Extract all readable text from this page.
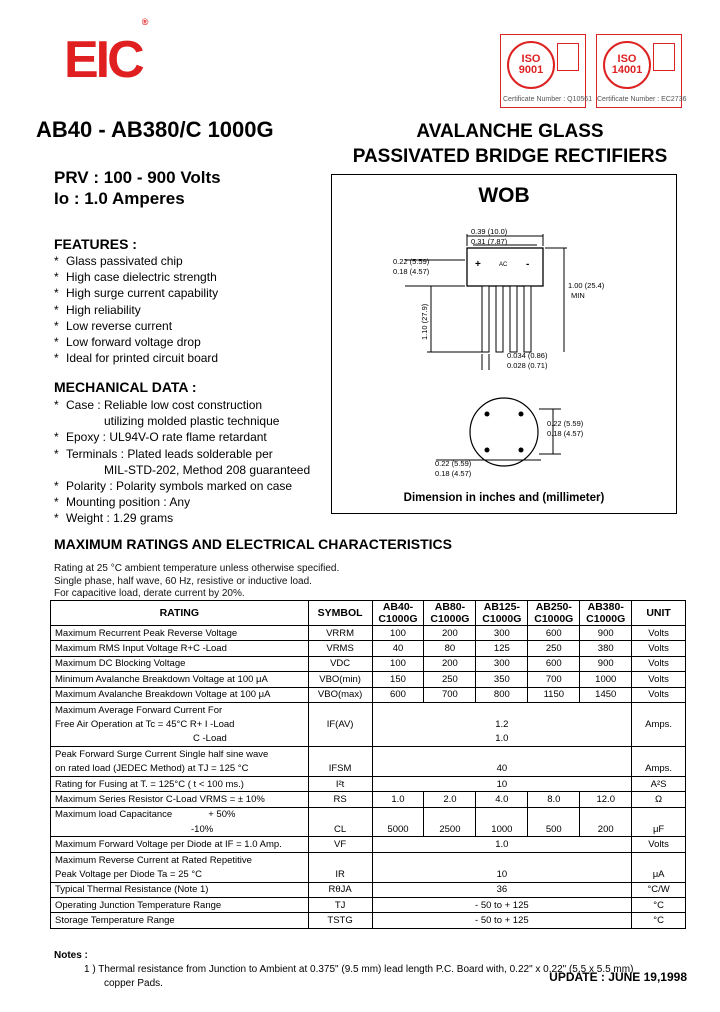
EIC®
ISO 9001
ISO 14001
Certificate Number : Q10561 Certificate Number : EC2736
AB40 - AB380/C 1000G	AVALANCHE GLASS
PASSIVATED BRIDGE RECTIFIERS
PRV : 100 - 900 Volts
Io : 1.0 Amperes
FEATURES :
* Glass passivated chip
* High case dielectric strength
* High surge current capability
* High reliability
* Low reverse current
* Low forward voltage drop
* Ideal for printed circuit board
MECHANICAL DATA :
* Case : Reliable low cost construction
utilizing molded plastic technique
* Epoxy : UL94V-O rate flame retardant
* Terminals : Plated leads solderable per
MIL-STD-202, Method 208 guaranteed
* Polarity : Polarity symbols marked on case
* Mounting position : Any
* Weight : 1.29 grams
WOB
+	AC -
0.39 (10.0)
0.31 (7.87)
0.22 (5.59)
0.18 (4.57)
1.00 (25.4)
MIN
1.10 (27.9)
0.034 (0.86)
0.028 (0.71)
0.22 (5.59)
0.18 (4.57)
0.22 (5.59)
0.18 (4.57)
Dimension in inches and (millimeter)
MAXIMUM RATINGS AND ELECTRICAL CHARACTERISTICS
Rating at 25 °C ambient temperature unless otherwise specified.
Single phase, half wave, 60 Hz, resistive or inductive load.
For capacitive load, derate current by 20%.
RATING	SYMBOL	AB40-	AB80-	AB125-	AB250-	AB380-	UNIT
		C1000G	C1000G	C1000G	C1000G	C1000G	
Maximum Recurrent Peak Reverse Voltage	VRRM	100	200	300	600	900	Volts
Maximum RMS Input Voltage R+C -Load	VRMS	40	80	125	250	380	Volts
Maximum DC Blocking Voltage	VDC	100	200	300	600	900	Volts
Minimum Avalanche Breakdown Voltage at 100 μA	VBO(min)	150	250	350	700	1000	Volts
Maximum Avalanche Breakdown Voltage at 100 μA	VBO(max)	600	700	800	1150	1450	Volts
Maximum Average Forward Current For							
Free Air Operation at Tc = 45°C R+ I -Load	IF(AV)	1.2					Amps.
C -Load		1.0					
Peak Forward Surge Current Single half sine wave							
on rated load (JEDEC Method) at TJ = 125 °C	IFSM	40					Amps.
Rating for Fusing at T. = 125°C ( t < 100 ms.)	I²t	10					A²S
Maximum Series Resistor C-Load VRMS = ± 10%	RS	1.0	2.0	4.0	8.0	12.0	Ω
Maximum load Capacitance + 50%							
-10%	CL	5000	2500	1000	500	200	μF
Maximum Forward Voltage per Diode at IF = 1.0 Amp.	VF	1.0					Volts
Maximum Reverse Current at Rated Repetitive							
Peak Voltage per Diode Ta = 25 °C	IR	10					μA
Typical Thermal Resistance (Note 1)	RθJA	36					°C/W
Operating Junction Temperature Range	TJ	- 50 to + 125					°C
Storage Temperature Range	TSTG	- 50 to + 125					°C
Notes :
1 ) Thermal resistance from Junction to Ambient at 0.375" (9.5 mm) lead length P.C. Board with, 0.22" x 0.22" (5.5 x 5.5 mm)
copper Pads.	UPDATE : JUNE 19,1998
